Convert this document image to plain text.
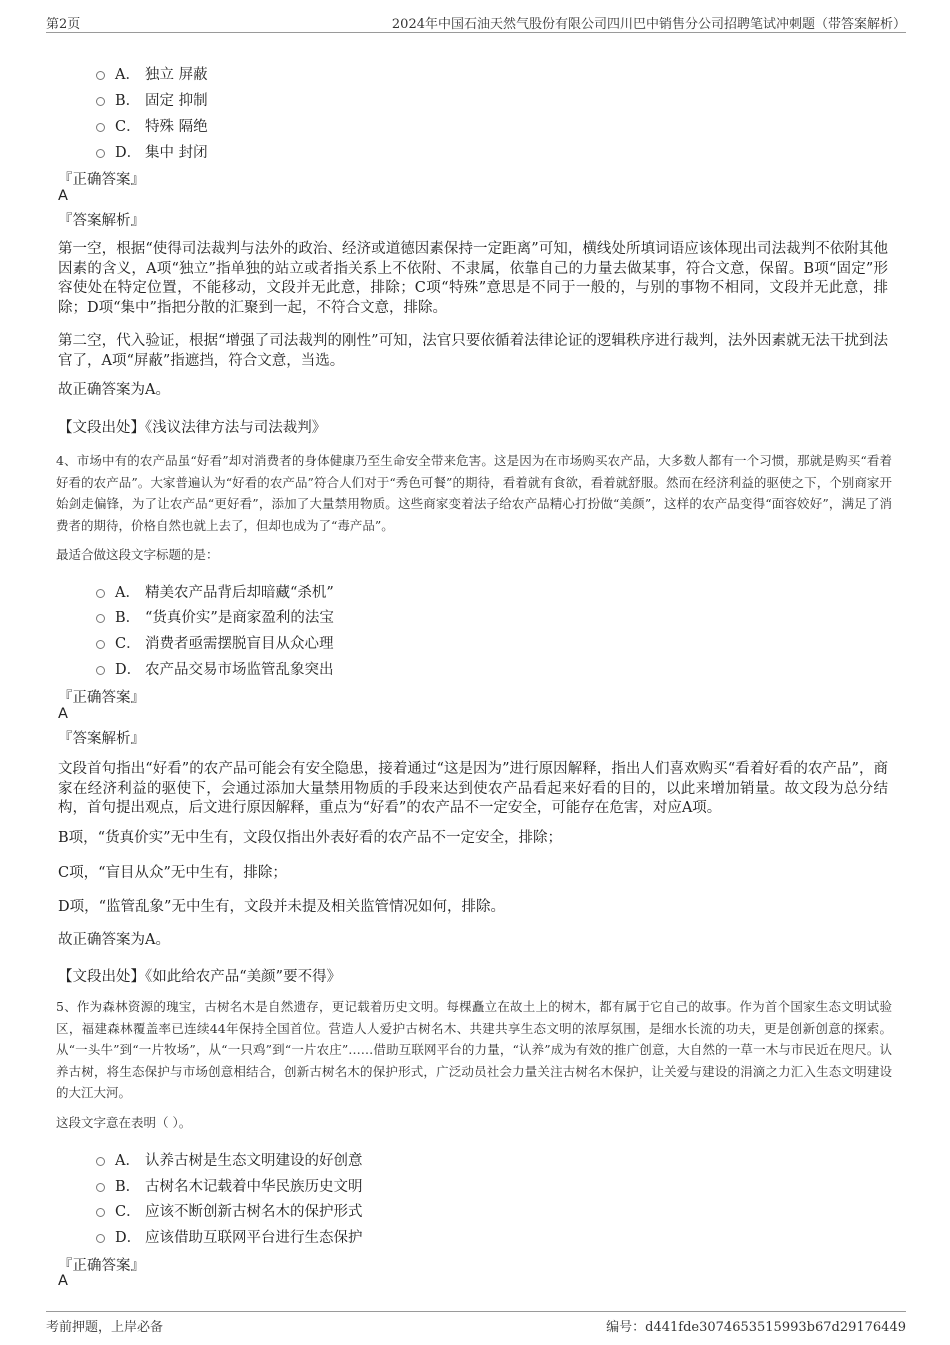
第2页	2024年中国石油天然气股份有限公司四川巴中销售分公司招聘笔试冲刺题（带答案解析）
A． 独立 屏蔽
B． 固定 抑制
C． 特殊 隔绝
D． 集中 封闭
『正确答案』
A
『答案解析』
第一空，根据“使得司法裁判与法外的政治、经济或道德因素保持一定距离”可知，横线处所填词语应该体现出司法裁判不依附其他因素的含义，A项“独立”指单独的站立或者指关系上不依附、不隶属，依靠自己的力量去做某事，符合文意，保留。B项“固定”形容使处在特定位置，不能移动，文段并无此意，排除；C项“特殊”意思是不同于一般的，与别的事物不相同，文段并无此意，排除；D项“集中”指把分散的汇聚到一起，不符合文意，排除。
第二空，代入验证，根据“增强了司法裁判的刚性”可知，法官只要依循着法律论证的逻辑秩序进行裁判，法外因素就无法干扰到法官了，A项“屏蔽”指遮挡，符合文意，当选。
故正确答案为A。
【文段出处】《浅议法律方法与司法裁判》
4、市场中有的农产品虽“好看”却对消费者的身体健康乃至生命安全带来危害。这是因为在市场购买农产品，大多数人都有一个习惯，那就是购买“看着好看的农产品”。大家普遍认为“好看的农产品”符合人们对于“秀色可餐”的期待，看着就有食欲，看着就舒服。然而在经济利益的驱使之下，个别商家开始剑走偏锋，为了让农产品“更好看”，添加了大量禁用物质。这些商家变着法子给农产品精心打扮做“美颜”，这样的农产品变得“面容姣好”，满足了消费者的期待，价格自然也就上去了，但却也成为了“毒产品”。
最适合做这段文字标题的是：
A． 精美农产品背后却暗藏“杀机”
B． “货真价实”是商家盈利的法宝
C． 消费者亟需摆脱盲目从众心理
D． 农产品交易市场监管乱象突出
『正确答案』
A
『答案解析』
文段首句指出“好看”的农产品可能会有安全隐患，接着通过“这是因为”进行原因解释，指出人们喜欢购买“看着好看的农产品”，商家在经济利益的驱使下，会通过添加大量禁用物质的手段来达到使农产品看起来好看的目的，以此来增加销量。故文段为总分结构，首句提出观点，后文进行原因解释，重点为“好看”的农产品不一定安全，可能存在危害，对应A项。
B项，“货真价实”无中生有，文段仅指出外表好看的农产品不一定安全，排除；
C项，“盲目从众”无中生有，排除；
D项，“监管乱象”无中生有，文段并未提及相关监管情况如何，排除。
故正确答案为A。
【文段出处】《如此给农产品“美颜”要不得》
5、作为森林资源的瑰宝，古树名木是自然遗存，更记载着历史文明。每棵矗立在故土上的树木，都有属于它自己的故事。作为首个国家生态文明试验区，福建森林覆盖率已连续44年保持全国首位。营造人人爱护古树名木、共建共享生态文明的浓厚氛围，是细水长流的功夫，更是创新创意的探索。从“一头牛”到“一片牧场”，从“一只鸡”到“一片农庄”……借助互联网平台的力量，“认养”成为有效的推广创意，大自然的一草一木与市民近在咫尺。认养古树，将生态保护与市场创意相结合，创新古树名木的保护形式，广泛动员社会力量关注古树名木保护，让关爱与建设的涓滴之力汇入生态文明建设的大江大河。
这段文字意在表明（ ）。
A． 认养古树是生态文明建设的好创意
B． 古树名木记载着中华民族历史文明
C． 应该不断创新古树名木的保护形式
D． 应该借助互联网平台进行生态保护
『正确答案』
A
考前押题，上岸必备	编号：d441fde3074653515993b67d29176449
